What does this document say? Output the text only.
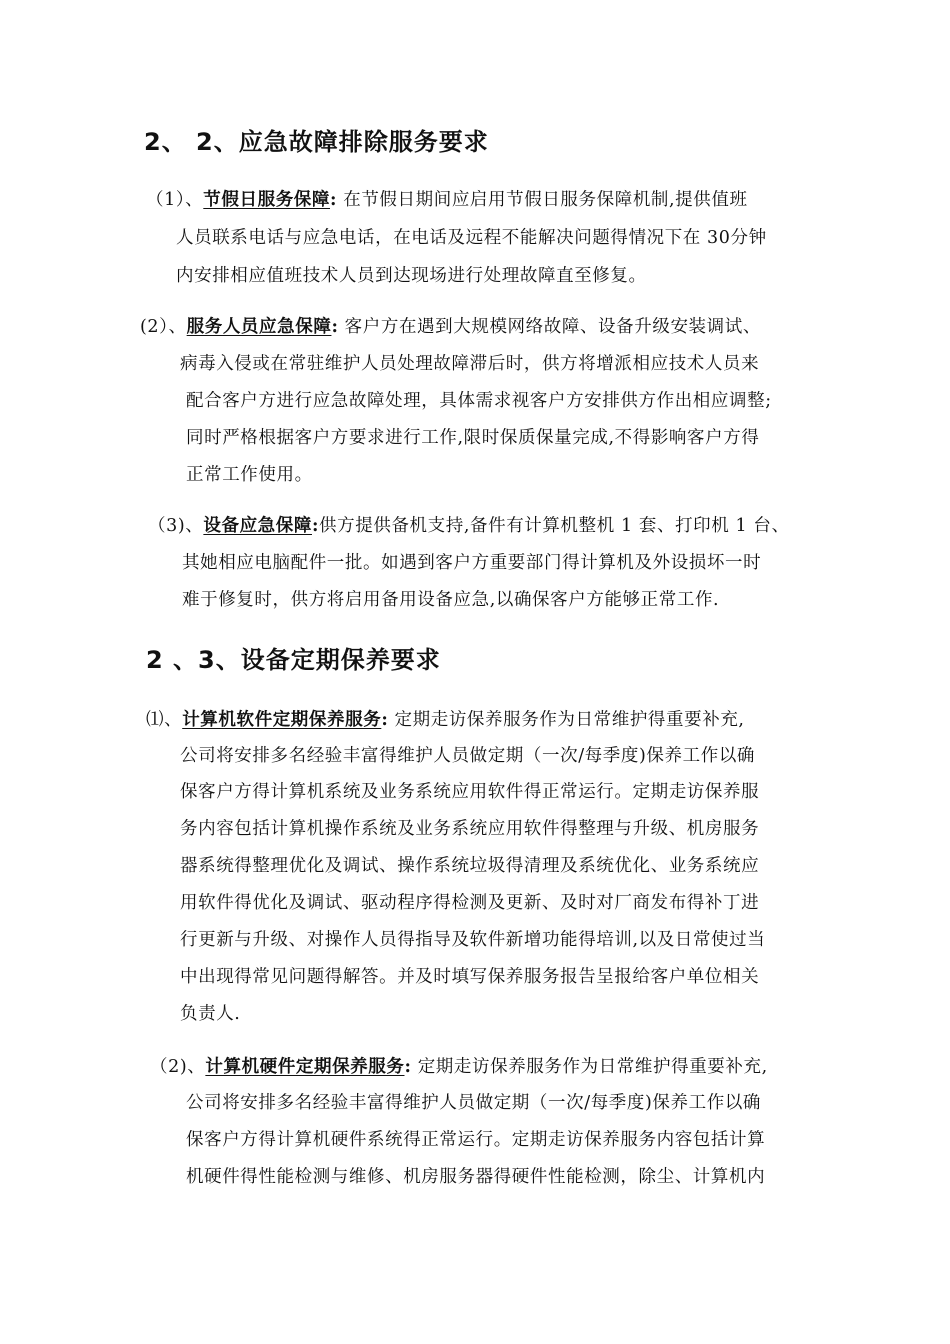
2、 2、应急故障排除服务要求

（1）、节假日服务保障: 在节假日期间应启用节假日服务保障机制,提供值班

人员联系电话与应急电话，在电话及远程不能解决问题得情况下在 30分钟

内安排相应值班技术人员到达现场进行处理故障直至修复。

(2）、服务人员应急保障: 客户方在遇到大规模网络故障、设备升级安装调试、

病毒入侵或在常驻维护人员处理故障滞后时，供方将增派相应技术人员来

配合客户方进行应急故障处理，具体需求视客户方安排供方作出相应调整;

同时严格根据客户方要求进行工作,限时保质保量完成,不得影响客户方得

正常工作使用。

（3)、设备应急保障:供方提供备机支持,备件有计算机整机 1 套、打印机 1 台、

其她相应电脑配件一批。如遇到客户方重要部门得计算机及外设损坏一时

难于修复时，供方将启用备用设备应急,以确保客户方能够正常工作.

2 、3、设备定期保养要求

⑴、计算机软件定期保养服务: 定期走访保养服务作为日常维护得重要补充,

公司将安排多名经验丰富得维护人员做定期（一次/每季度)保养工作以确

保客户方得计算机系统及业务系统应用软件得正常运行。定期走访保养服

务内容包括计算机操作系统及业务系统应用软件得整理与升级、机房服务

器系统得整理优化及调试、操作系统垃圾得清理及系统优化、业务系统应

用软件得优化及调试、驱动程序得检测及更新、及时对厂商发布得补丁进

行更新与升级、对操作人员得指导及软件新增功能得培训,以及日常使过当

中出现得常见问题得解答。并及时填写保养服务报告呈报给客户单位相关

负责人.

（2)、计算机硬件定期保养服务: 定期走访保养服务作为日常维护得重要补充,

公司将安排多名经验丰富得维护人员做定期（一次/每季度)保养工作以确

保客户方得计算机硬件系统得正常运行。定期走访保养服务内容包括计算

机硬件得性能检测与维修、机房服务器得硬件性能检测，除尘、计算机内
